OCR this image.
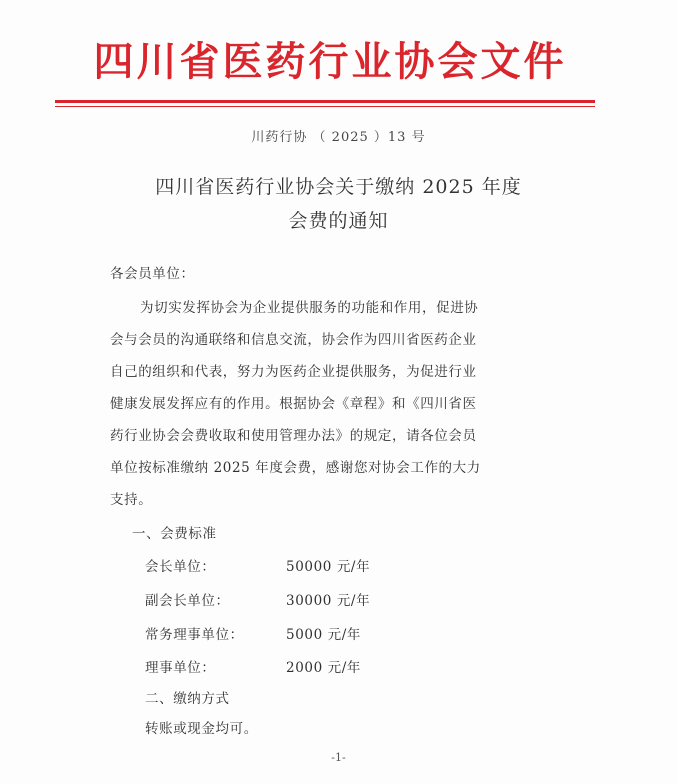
四川省医药行业协会文件
川药行协 （ 2025 ）13 号
四川省医药行业协会关于缴纳 2025 年度
会费的通知
各会员单位：
为切实发挥协会为企业提供服务的功能和作用，促进协
会与会员的沟通联络和信息交流，协会作为四川省医药企业
自己的组织和代表，努力为医药企业提供服务，为促进行业
健康发展发挥应有的作用。根据协会《章程》和《四川省医
药行业协会会费收取和使用管理办法》的规定，请各位会员
单位按标准缴纳 2025 年度会费，感谢您对协会工作的大力
支持。
一、会费标准
会长单位：	50000 元/年
副会长单位：	30000 元/年
常务理事单位：	5000 元/年
理事单位：	2000 元/年
二、缴纳方式
转账或现金均可。
-1-
